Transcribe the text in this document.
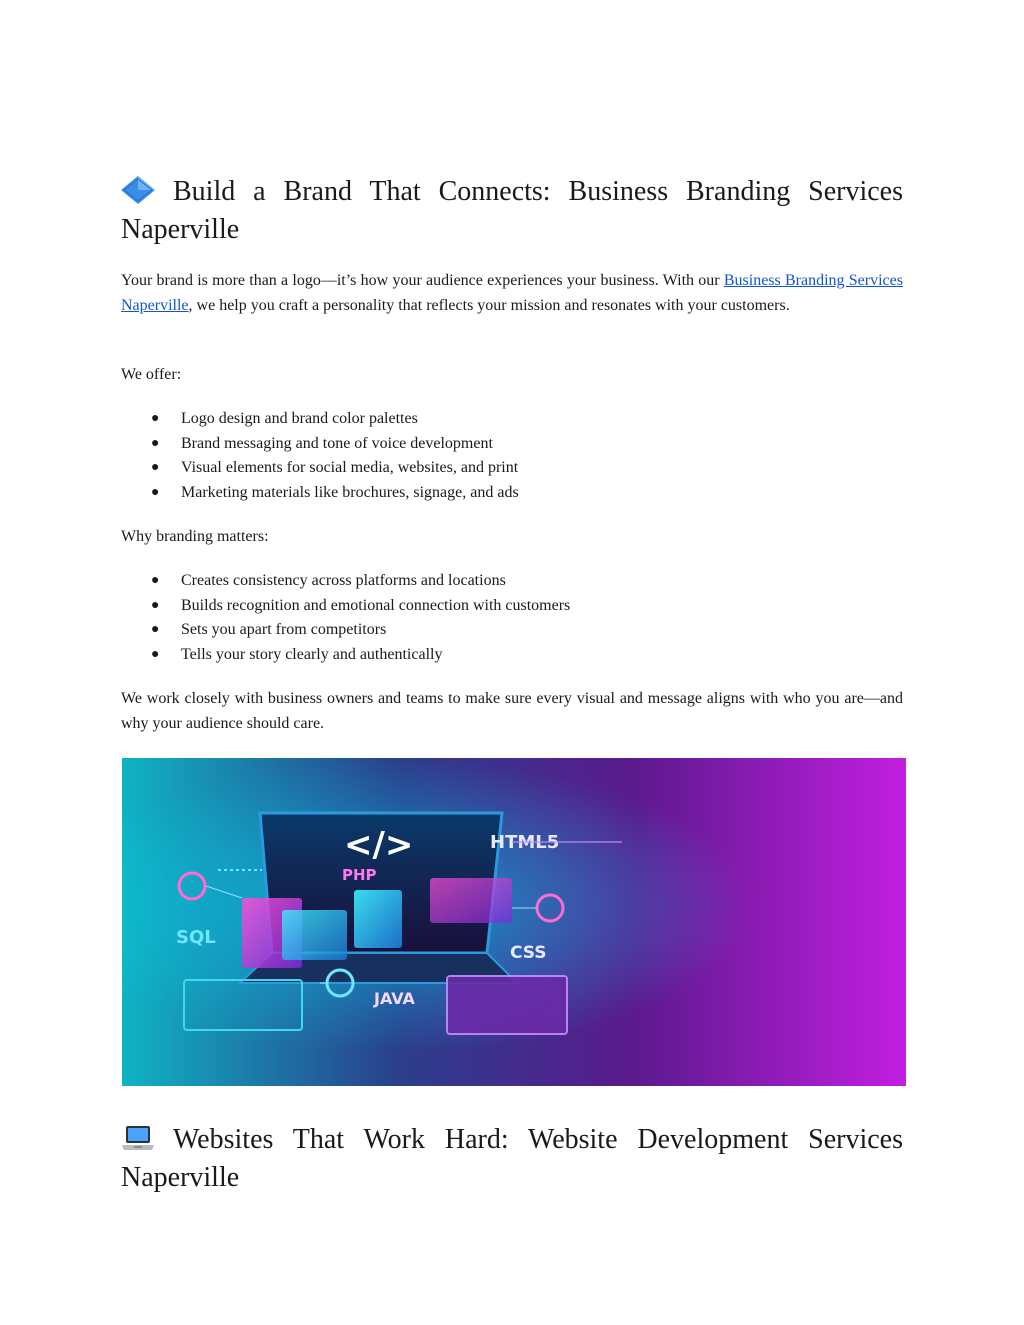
Build a Brand That Connects: Business Branding Services Naperville

Your brand is more than a logo—it’s how your audience experiences your business. With our Business Branding Services Naperville, we help you craft a personality that reflects your mission and resonates with your customers.

We offer:

● Logo design and brand color palettes
● Brand messaging and tone of voice development
● Visual elements for social media, websites, and print
● Marketing materials like brochures, signage, and ads

Why branding matters:

● Creates consistency across platforms and locations
● Builds recognition and emotional connection with customers
● Sets you apart from competitors
● Tells your story clearly and authentically

We work closely with business owners and teams to make sure every visual and message aligns with who you are—and why your audience should care.

</>	HTML5
PHP
SQL
CSS
JAVA
Websites That Work Hard: Website Development Services Naperville
